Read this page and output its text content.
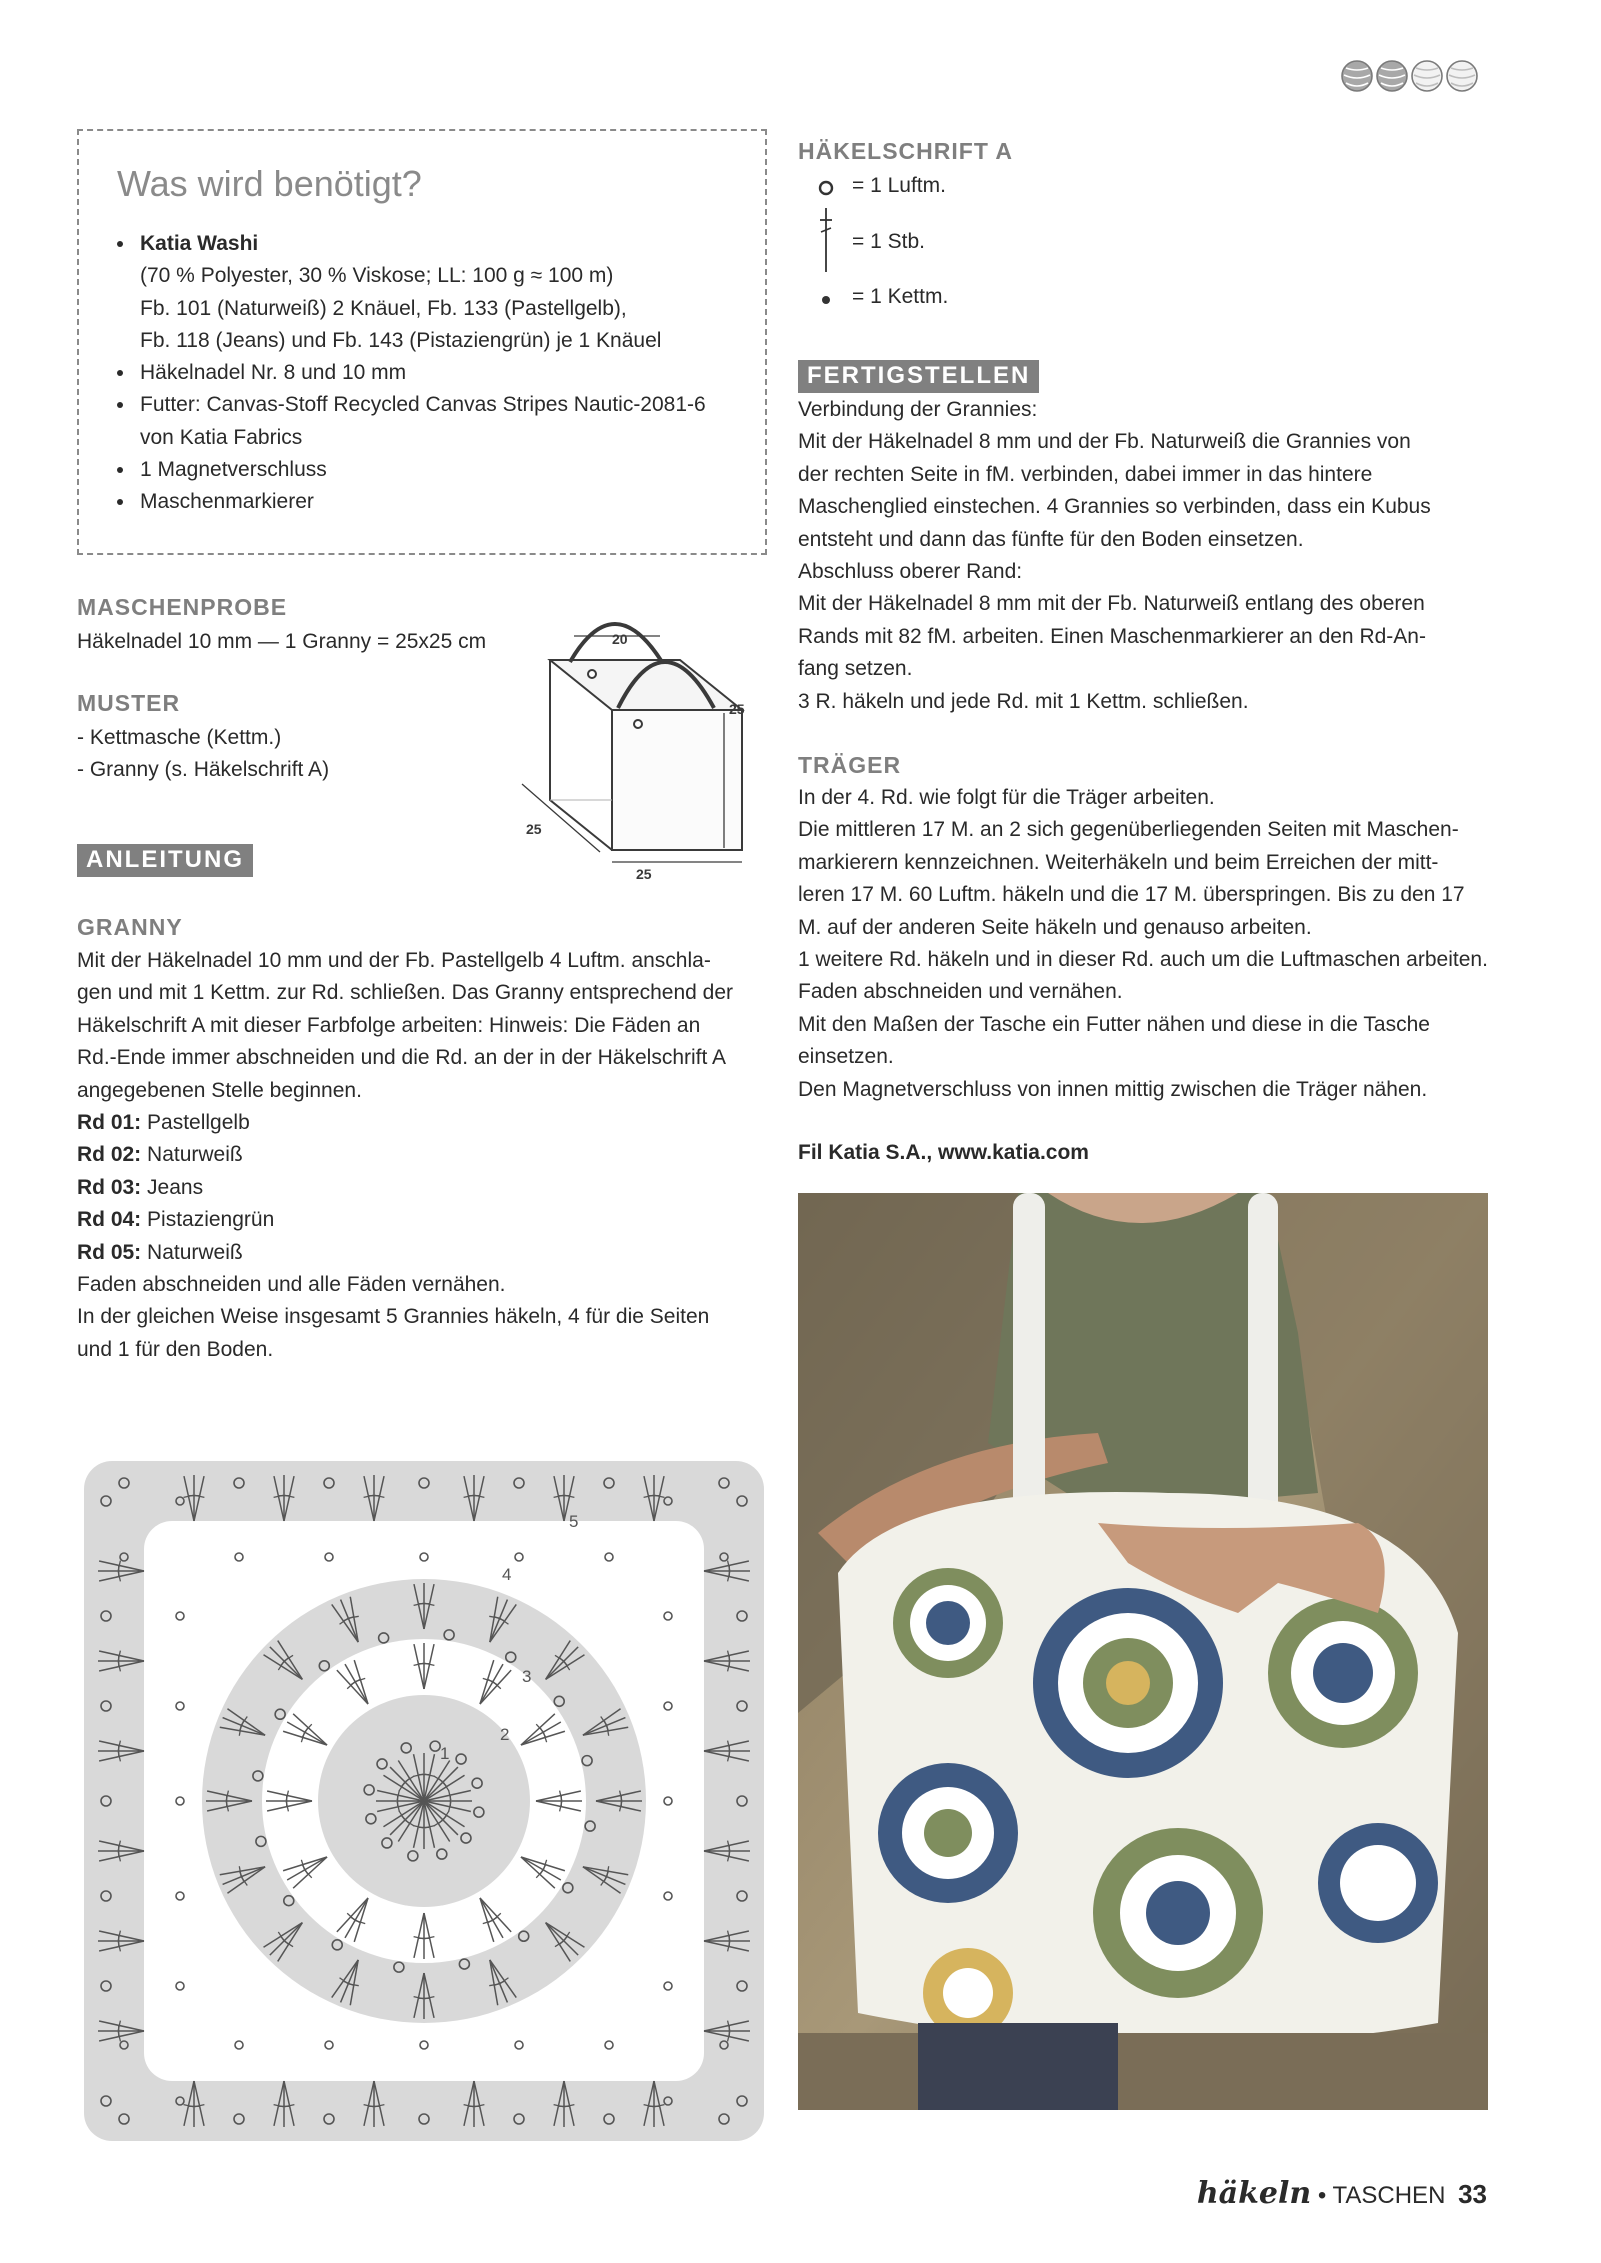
Was wird benötigt?
• Katia Washi
(70 % Polyester, 30 % Viskose; LL: 100 g ≈ 100 m)
Fb. 101 (Naturweiß) 2 Knäuel, Fb. 133 (Pastellgelb),
Fb. 118 (Jeans) und Fb. 143 (Pistaziengrün) je 1 Knäuel
• Häkelnadel Nr. 8 und 10 mm
• Futter: Canvas-Stoff Recycled Canvas Stripes Nautic-2081-6
von Katia Fabrics
• 1 Magnetverschluss
• Maschenmarkierer
MASCHENPROBE
Häkelnadel 10 mm — 1 Granny = 25x25 cm
MUSTER
- Kettmasche (Kettm.)
- Granny (s. Häkelschrift A)
20
25
25
25
ANLEITUNG
GRANNY
Mit der Häkelnadel 10 mm und der Fb. Pastellgelb 4 Luftm. anschla-
gen und mit 1 Kettm. zur Rd. schließen. Das Granny entsprechend der
Häkelschrift A mit dieser Farbfolge arbeiten: Hinweis: Die Fäden an
Rd.-Ende immer abschneiden und die Rd. an der in der Häkelschrift A
angegebenen Stelle beginnen.
Rd 01: Pastellgelb
Rd 02: Naturweiß
Rd 03: Jeans
Rd 04: Pistaziengrün
Rd 05: Naturweiß
Faden abschneiden und alle Fäden vernähen.
In der gleichen Weise insgesamt 5 Grannies häkeln, 4 für die Seiten
und 1 für den Boden.
HÄKELSCHRIFT A
= 1 Luftm.
= 1 Stb.
= 1 Kettm.
FERTIGSTELLEN
Verbindung der Grannies:
Mit der Häkelnadel 8 mm und der Fb. Naturweiß die Grannies von
der rechten Seite in fM. verbinden, dabei immer in das hintere
Maschenglied einstechen. 4 Grannies so verbinden, dass ein Kubus
entsteht und dann das fünfte für den Boden einsetzen.
Abschluss oberer Rand:
Mit der Häkelnadel 8 mm mit der Fb. Naturweiß entlang des oberen
Rands mit 82 fM. arbeiten. Einen Maschenmarkierer an den Rd-An-
fang setzen.
3 R. häkeln und jede Rd. mit 1 Kettm. schließen.
TRÄGER
In der 4. Rd. wie folgt für die Träger arbeiten.
Die mittleren 17 M. an 2 sich gegenüberliegenden Seiten mit Maschen-
markierern kennzeichnen. Weiterhäkeln und beim Erreichen der mitt-
leren 17 M. 60 Luftm. häkeln und die 17 M. überspringen. Bis zu den 17
M. auf der anderen Seite häkeln und genauso arbeiten.
1 weitere Rd. häkeln und in dieser Rd. auch um die Luftmaschen arbeiten.
Faden abschneiden und vernähen.
Mit den Maßen der Tasche ein Futter nähen und diese in die Tasche
einsetzen.
Den Magnetverschluss von innen mittig zwischen die Träger nähen.
Fil Katia S.A., www.katia.com
5
4
3
2
1
häkeln • TASCHEN 33
